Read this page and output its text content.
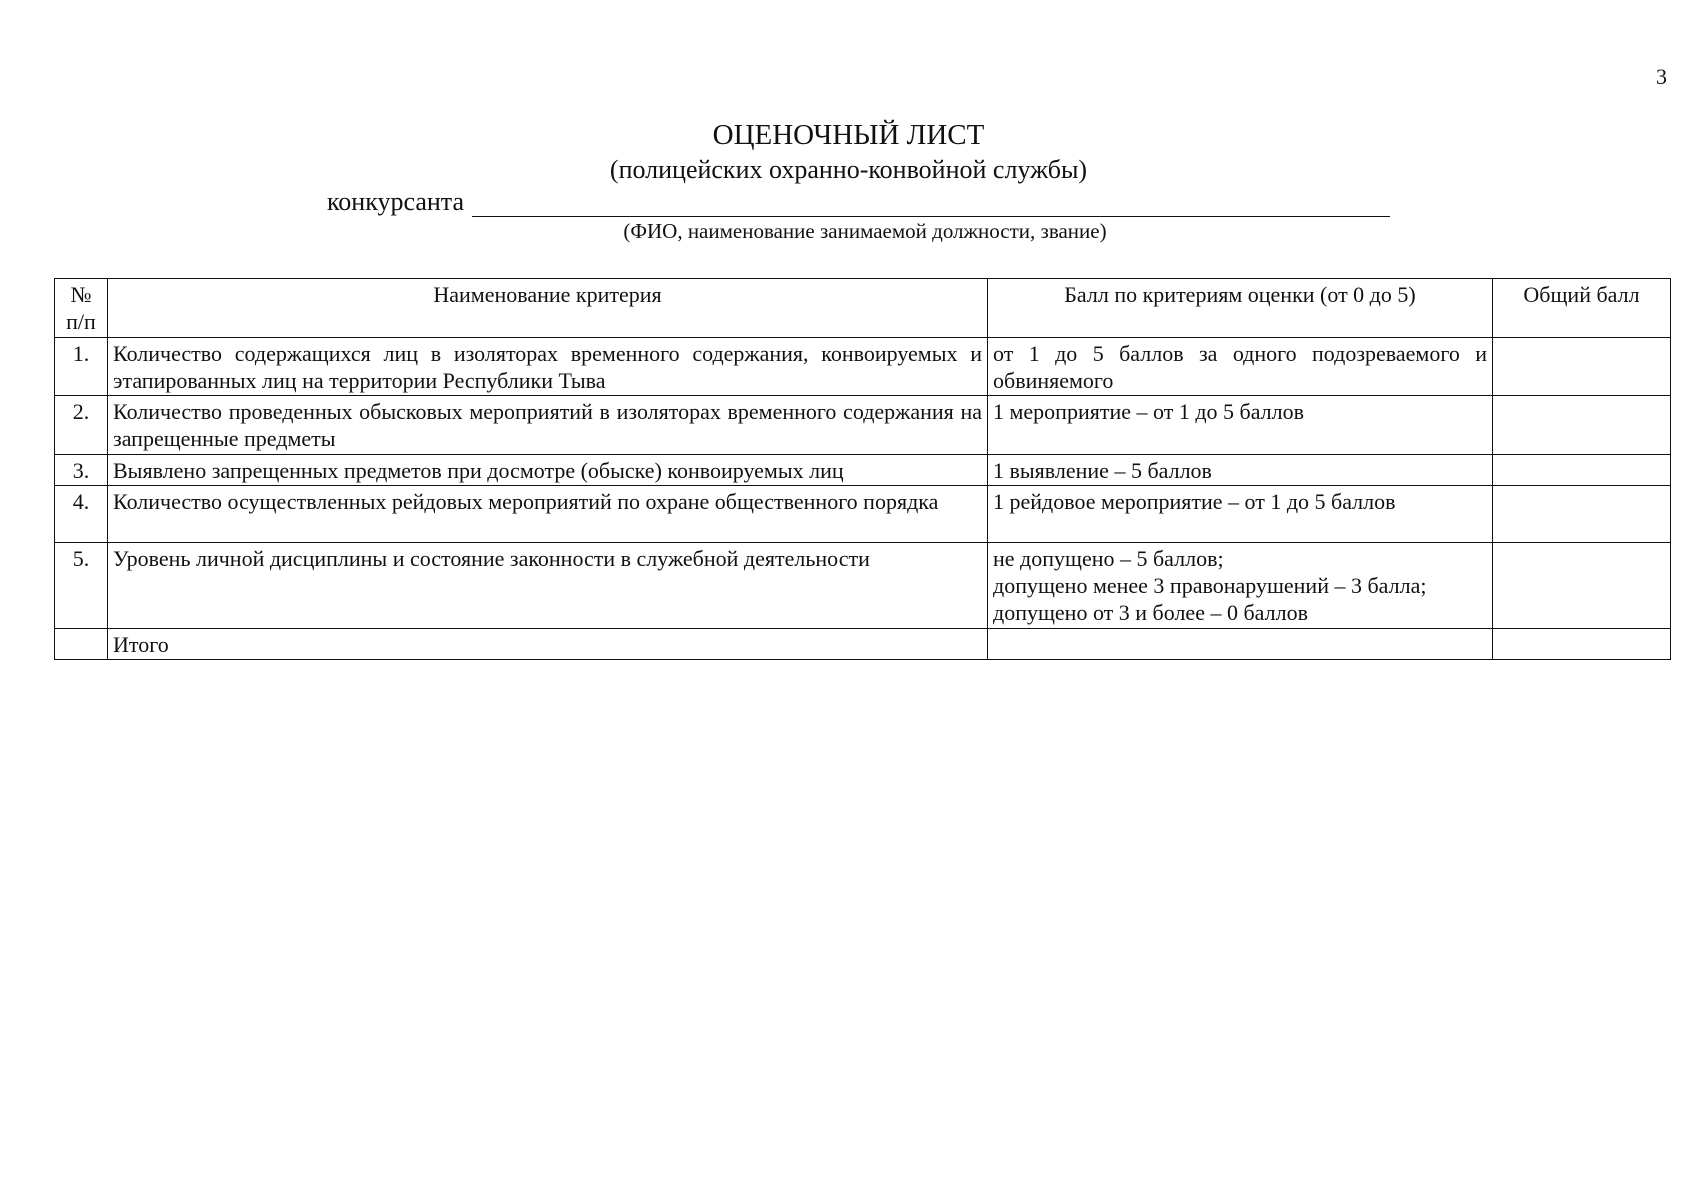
3
ОЦЕНОЧНЫЙ ЛИСТ
(полицейских охранно-конвойной службы)
конкурсанта
(ФИО, наименование занимаемой должности, звание)
№
п/п	Наименование критерия	Балл по критериям оценки (от 0 до 5)	Общий балл
1.	Количество содержащихся лиц в изоляторах временного содержания, конвоируемых и этапированных лиц на территории Республики Тыва	от 1 до 5 баллов за одного подозреваемого и обвиняемого	

2.	Количество проведенных обысковых мероприятий в изоляторах временного содержания на запрещенные предметы	1 мероприятие – от 1 до 5 баллов	

3.	Выявлено запрещенных предметов при досмотре (обыске) конвоируемых лиц	1 выявление – 5 баллов	

4.	Количество осуществленных рейдовых мероприятий по охране общественного порядка	1 рейдовое мероприятие – от 1 до 5 баллов	

5.	Уровень личной дисциплины и состояние законности в служебной деятельности	не допущено – 5 баллов;
допущено менее 3 правонарушений – 3 балла;
допущено от 3 и более – 0 баллов	

	Итого		
